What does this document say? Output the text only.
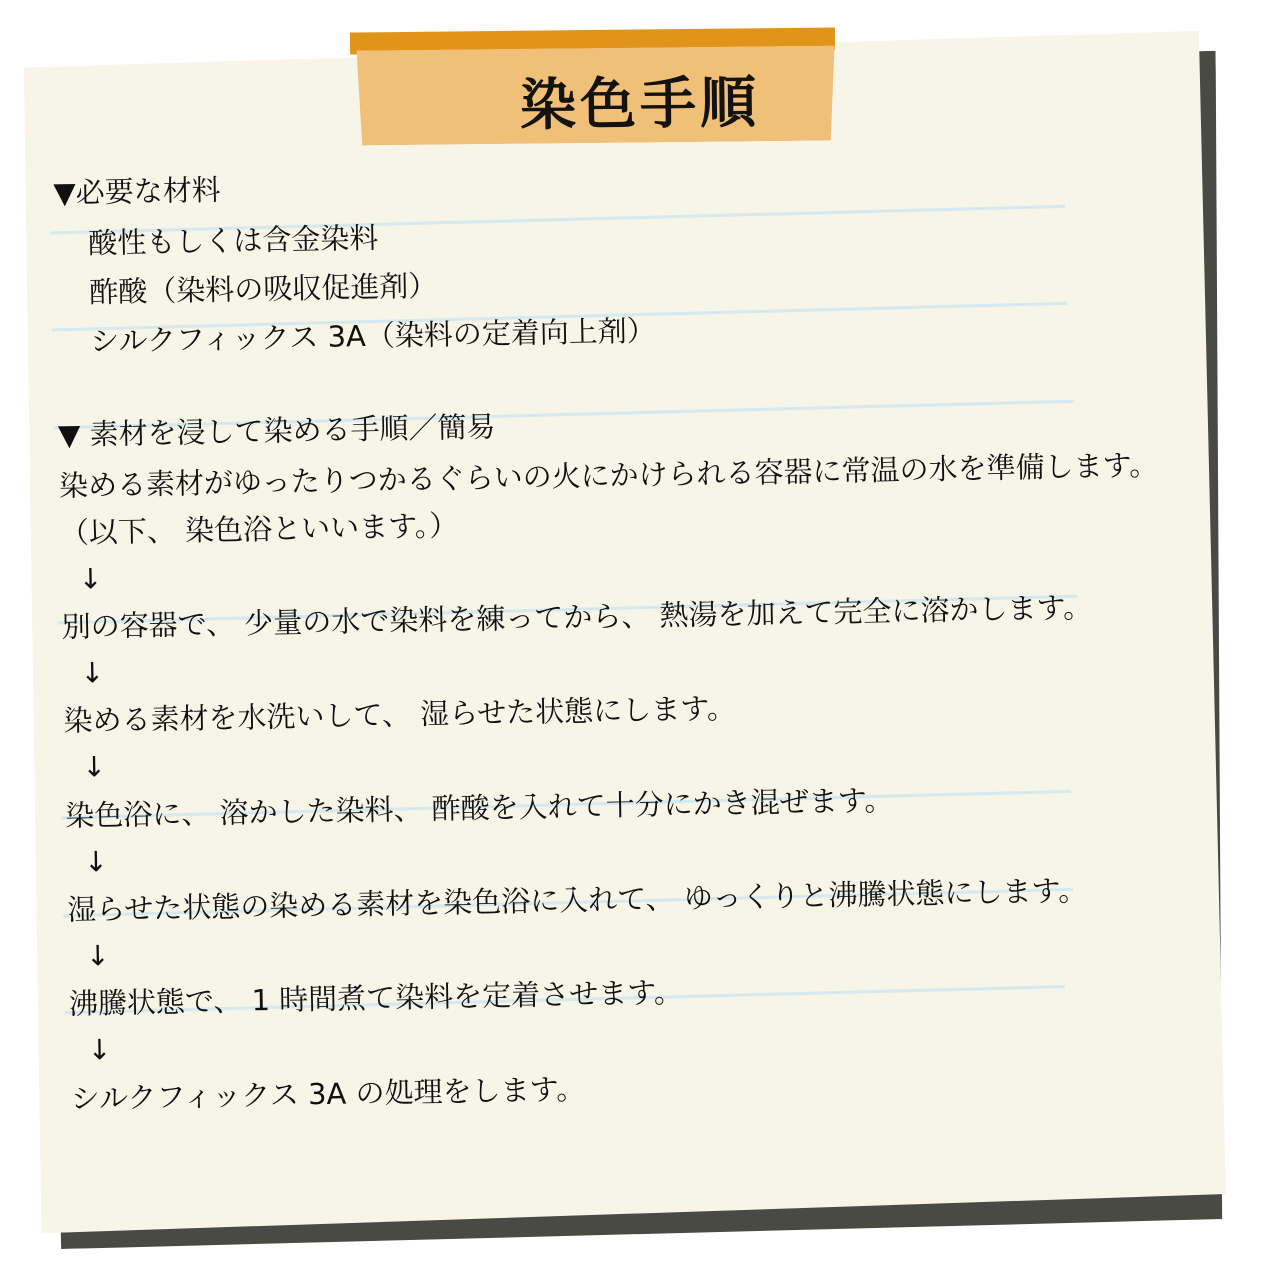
染色手順
▼必要な材料
酸性もしくは含金染料
酢酸（染料の吸収促進剤）
シルクフィックス 3A（染料の定着向上剤）
▼ 素材を浸して染める手順／簡易
染める素材がゆったりつかるぐらいの火にかけられる容器に常温の水を準備します。
（以下、 染色浴といいます。）
↓
別の容器で、 少量の水で染料を練ってから、 熱湯を加えて完全に溶かします。
↓
染める素材を水洗いして、 湿らせた状態にします。
↓
染色浴に、 溶かした染料、 酢酸を入れて十分にかき混ぜます。
↓
湿らせた状態の染める素材を染色浴に入れて、 ゆっくりと沸騰状態にします。
↓
沸騰状態で、 1 時間煮て染料を定着させます。
↓
シルクフィックス 3A の処理をします。
